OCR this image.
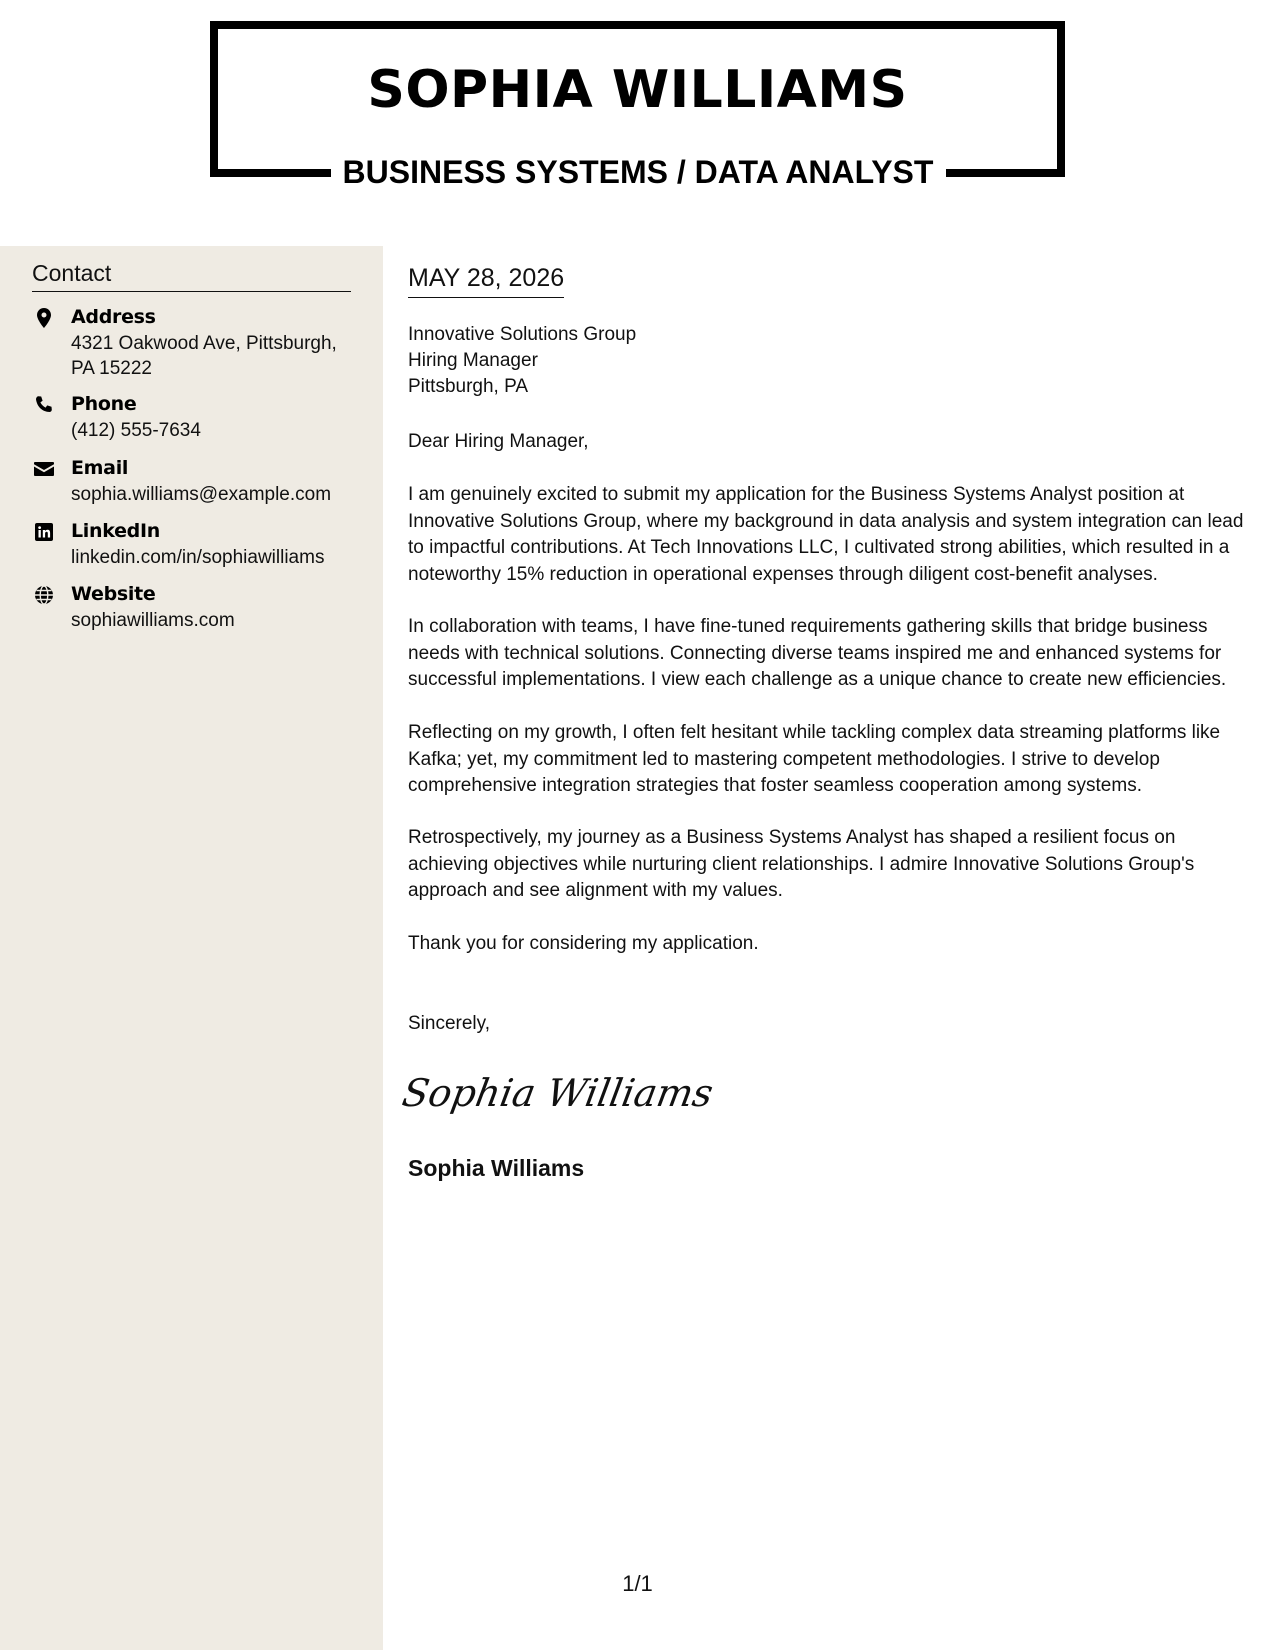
SOPHIA WILLIAMS
BUSINESS SYSTEMS / DATA ANALYST
Contact
Address
4321 Oakwood Ave, Pittsburgh, PA 15222
Phone
(412) 555-7634
Email
sophia.williams@example.com
LinkedIn
linkedin.com/in/sophiawilliams
Website
sophiawilliams.com
MAY 28, 2026
Innovative Solutions Group
Hiring Manager
Pittsburgh, PA

Dear Hiring Manager,

I am genuinely excited to submit my application for the Business Systems Analyst position at Innovative Solutions Group, where my background in data analysis and system integration can lead to impactful contributions. At Tech Innovations LLC, I cultivated strong abilities, which resulted in a noteworthy 15% reduction in operational expenses through diligent cost-benefit analyses.

In collaboration with teams, I have fine-tuned requirements gathering skills that bridge business needs with technical solutions. Connecting diverse teams inspired me and enhanced systems for successful implementations. I view each challenge as a unique chance to create new efficiencies.

Reflecting on my growth, I often felt hesitant while tackling complex data streaming platforms like Kafka; yet, my commitment led to mastering competent methodologies. I strive to develop comprehensive integration strategies that foster seamless cooperation among systems.

Retrospectively, my journey as a Business Systems Analyst has shaped a resilient focus on achieving objectives while nurturing client relationships. I admire Innovative Solutions Group's approach and see alignment with my values.

Thank you for considering my application.

Sincerely,

Sophia Williams
Sophia Williams
1/1
